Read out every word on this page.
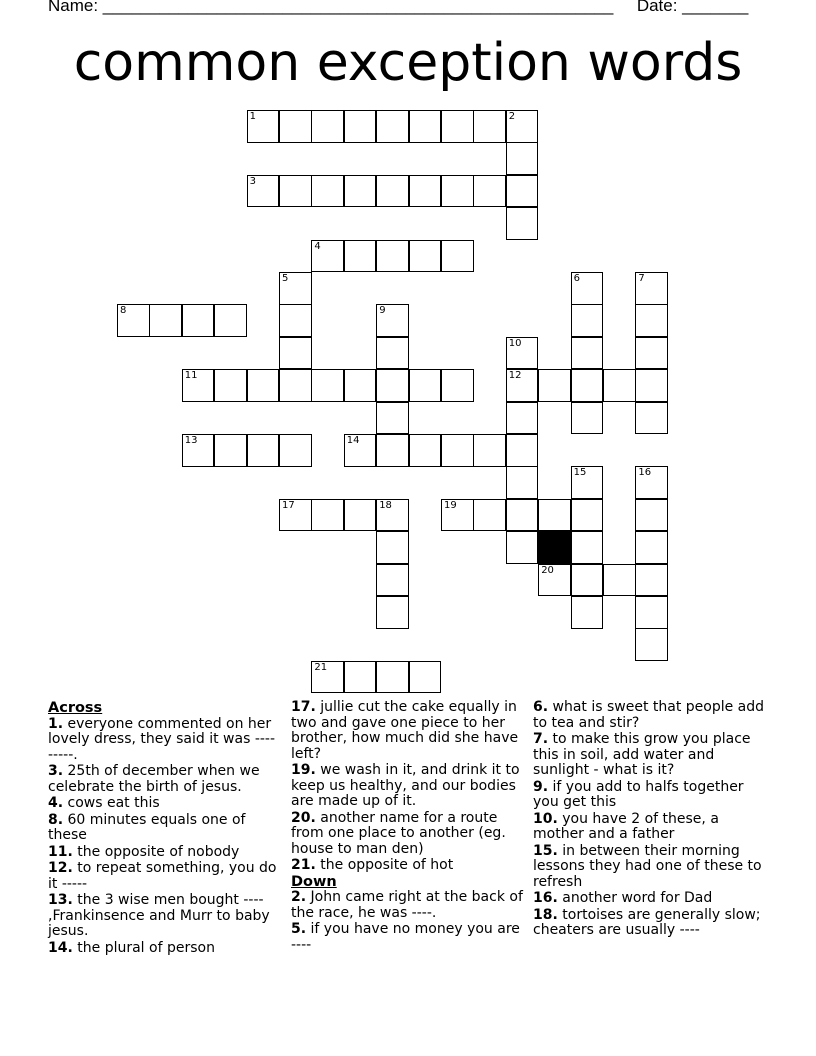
Name: ______________________________________________________ Date: _______
common exception words
1	2
3
4
5	6	7
8	9
10
12
11
13	14
15	16
17	18	19
20
21
Across
1. everyone commented on her lovely dress, they said it was ---------.
3. 25th of december when we celebrate the birth of jesus.
4. cows eat this
8. 60 minutes equals one of these
11. the opposite of nobody
12. to repeat something, you do it -----
13. the 3 wise men bought ---- ,Frankinsence and Murr to baby jesus.
14. the plural of person
17. jullie cut the cake equally in two and gave one piece to her brother, how much did she have left?
19. we wash in it, and drink it to keep us healthy, and our bodies are made up of it.
20. another name for a route from one place to another (eg. house to man den)
21. the opposite of hot
Down
2. John came right at the back of the race, he was ----.
5. if you have no money you are ----
6. what is sweet that people add to tea and stir?
7. to make this grow you place this in soil, add water and sunlight - what is it?
9. if you add to halfs together you get this
10. you have 2 of these, a mother and a father
15. in between their morning lessons they had one of these to refresh
16. another word for Dad
18. tortoises are generally slow; cheaters are usually ----
